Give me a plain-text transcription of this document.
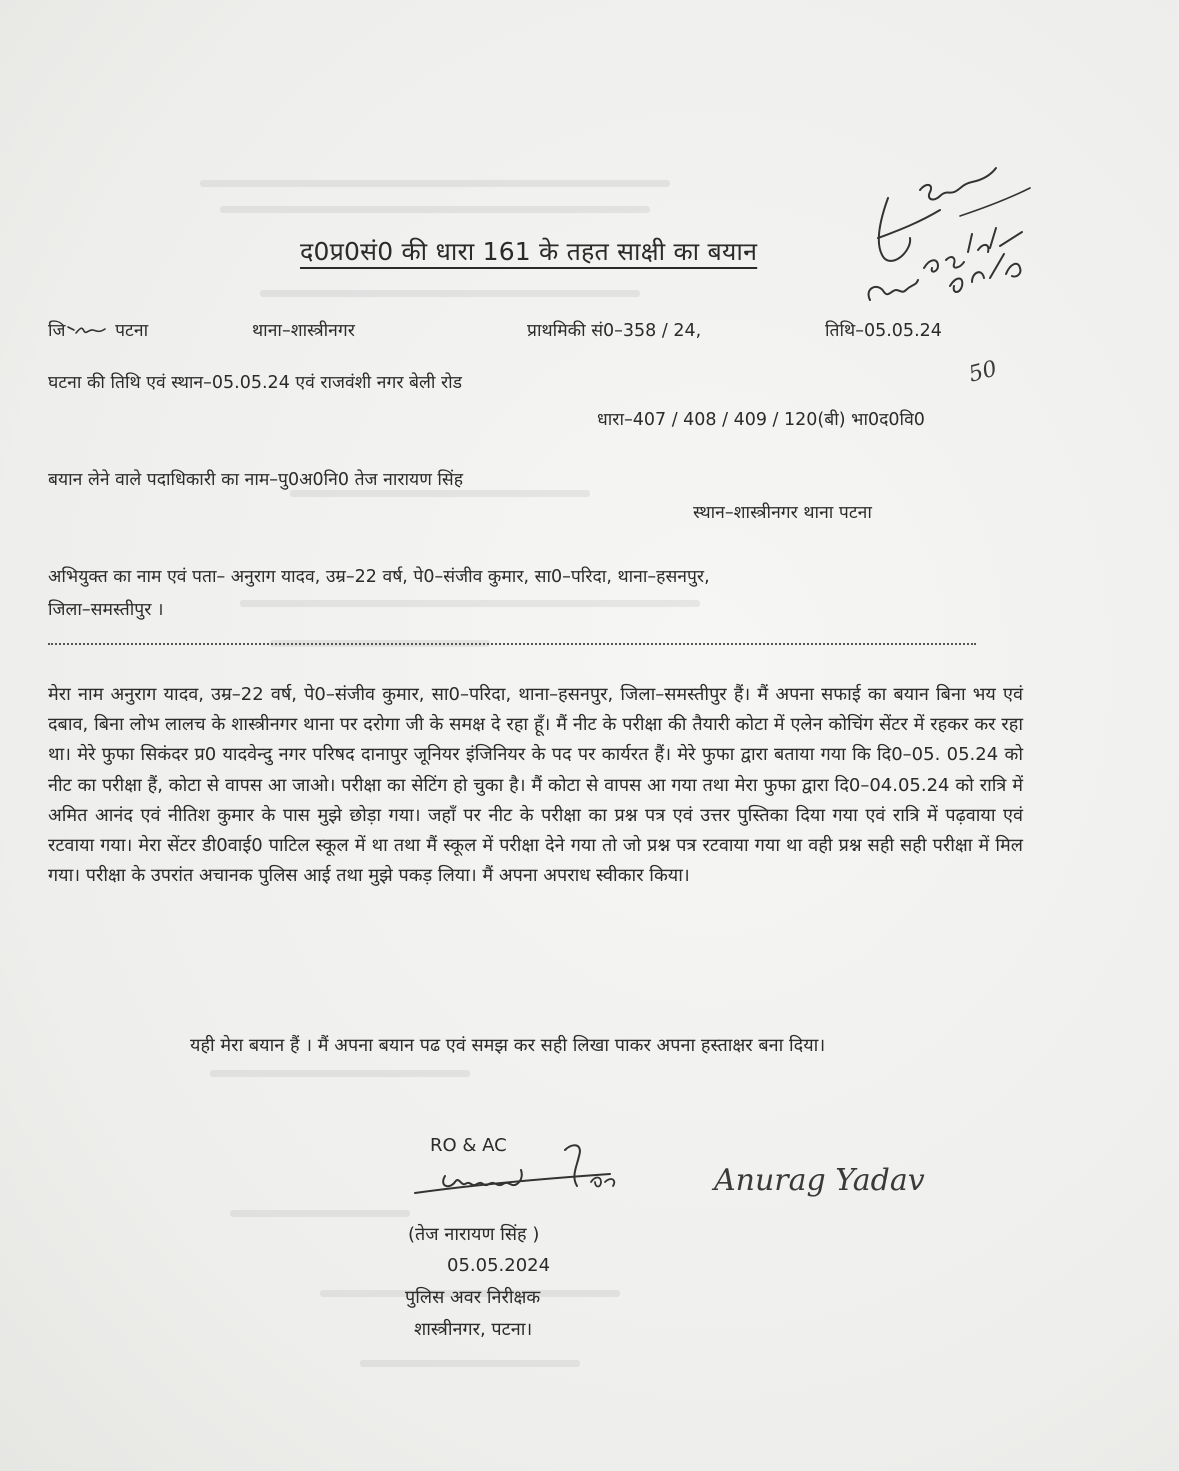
द0प्र0सं0 की धारा 161 के तहत साक्षी का बयान
जि	पटना	थाना–शास्त्रीनगर	प्राथमिकी सं0–358 / 24,	तिथि–05.05.24
घटना की तिथि एवं स्थान–05.05.24 एवं राजवंशी नगर बेली रोड
धारा–407 / 408 / 409 / 120(बी) भा0द0वि0
बयान लेने वाले पदाधिकारी का नाम–पु0अ0नि0 तेज नारायण सिंह
स्थान–शास्त्रीनगर थाना पटना
अभियुक्त का नाम एवं पता– अनुराग यादव, उम्र–22 वर्ष, पे0–संजीव कुमार, सा0–परिदा, थाना–हसनपुर,
जिला–समस्तीपुर ।
मेरा नाम अनुराग यादव, उम्र–22 वर्ष, पे0–संजीव कुमार, सा0–परिदा, थाना–हसनपुर, जिला–समस्तीपुर हैं। मैं अपना सफाई का बयान बिना भय एवं दबाव, बिना लोभ लालच के शास्त्रीनगर थाना पर दरोगा जी के समक्ष दे रहा हूँ। मैं नीट के परीक्षा की तैयारी कोटा में एलेन कोचिंग सेंटर में रहकर कर रहा था। मेरे फुफा सिकंदर प्र0 यादवेन्दु नगर परिषद दानापुर जूनियर इंजिनियर के पद पर कार्यरत हैं। मेरे फुफा द्वारा बताया गया कि दि0–05. 05.24 को नीट का परीक्षा हैं, कोटा से वापस आ जाओ। परीक्षा का सेटिंग हो चुका है। मैं कोटा से वापस आ गया तथा मेरा फुफा द्वारा दि0–04.05.24 को रात्रि में अमित आनंद एवं नीतिश कुमार के पास मुझे छोड़ा गया। जहाँ पर नीट के परीक्षा का प्रश्न पत्र एवं उत्तर पुस्तिका दिया गया एवं रात्रि में पढ़वाया एवं रटवाया गया। मेरा सेंटर डी0वाई0 पाटिल स्कूल में था तथा मैं स्कूल में परीक्षा देने गया तो जो प्रश्न पत्र रटवाया गया था वही प्रश्न सही सही परीक्षा में मिल गया। परीक्षा के उपरांत अचानक पुलिस आई तथा मुझे पकड़ लिया। मैं अपना अपराध स्वीकार किया।
यही मेरा बयान हैं । मैं अपना बयान पढ एवं समझ कर सही लिखा पाकर अपना हस्ताक्षर बना दिया।
RO & AC
(तेज नारायण सिंह )
05.05.2024
पुलिस अवर निरीक्षक
शास्त्रीनगर, पटना।
Anurag Yadav
50
